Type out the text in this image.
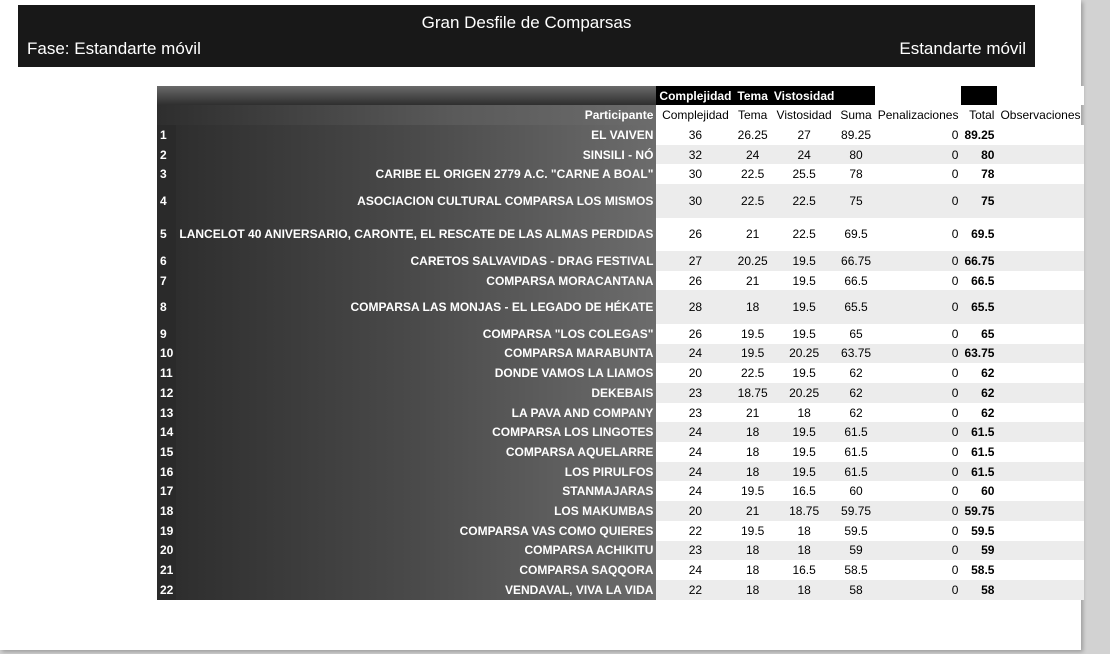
Gran Desfile de Comparsas
Fase: Estandarte móvil	Estandarte móvil
		Complejidad	Tema	Vistosidad				
Participante		Complejidad	Tema	Vistosidad	Suma	Penalizaciones	Total	Observaciones
1	EL VAIVEN	36	26.25	27	89.25	0	89.25	
2	SINSILI - NÓ	32	24	24	80	0	80	
3	CARIBE EL ORIGEN 2779 A.C. "CARNE A BOAL"	30	22.5	25.5	78	0	78	
4	ASOCIACION CULTURAL COMPARSA LOS MISMOS	30	22.5	22.5	75	0	75	
5	LANCELOT 40 ANIVERSARIO, CARONTE, EL RESCATE DE LAS ALMAS PERDIDAS	26	21	22.5	69.5	0	69.5	
6	CARETOS SALVAVIDAS - DRAG FESTIVAL	27	20.25	19.5	66.75	0	66.75	
7	COMPARSA MORACANTANA	26	21	19.5	66.5	0	66.5	
8	COMPARSA LAS MONJAS - EL LEGADO DE HÉKATE	28	18	19.5	65.5	0	65.5	
9	COMPARSA "LOS COLEGAS"	26	19.5	19.5	65	0	65	
10	COMPARSA MARABUNTA	24	19.5	20.25	63.75	0	63.75	
11	DONDE VAMOS LA LIAMOS	20	22.5	19.5	62	0	62	
12	DEKEBAIS	23	18.75	20.25	62	0	62	
13	LA PAVA AND COMPANY	23	21	18	62	0	62	
14	COMPARSA LOS LINGOTES	24	18	19.5	61.5	0	61.5	
15	COMPARSA AQUELARRE	24	18	19.5	61.5	0	61.5	
16	LOS PIRULFOS	24	18	19.5	61.5	0	61.5	
17	STANMAJARAS	24	19.5	16.5	60	0	60	
18	LOS MAKUMBAS	20	21	18.75	59.75	0	59.75	
19	COMPARSA VAS COMO QUIERES	22	19.5	18	59.5	0	59.5	
20	COMPARSA ACHIKITU	23	18	18	59	0	59	
21	COMPARSA SAQQORA	24	18	16.5	58.5	0	58.5	
22	VENDAVAL, VIVA LA VIDA	22	18	18	58	0	58	
